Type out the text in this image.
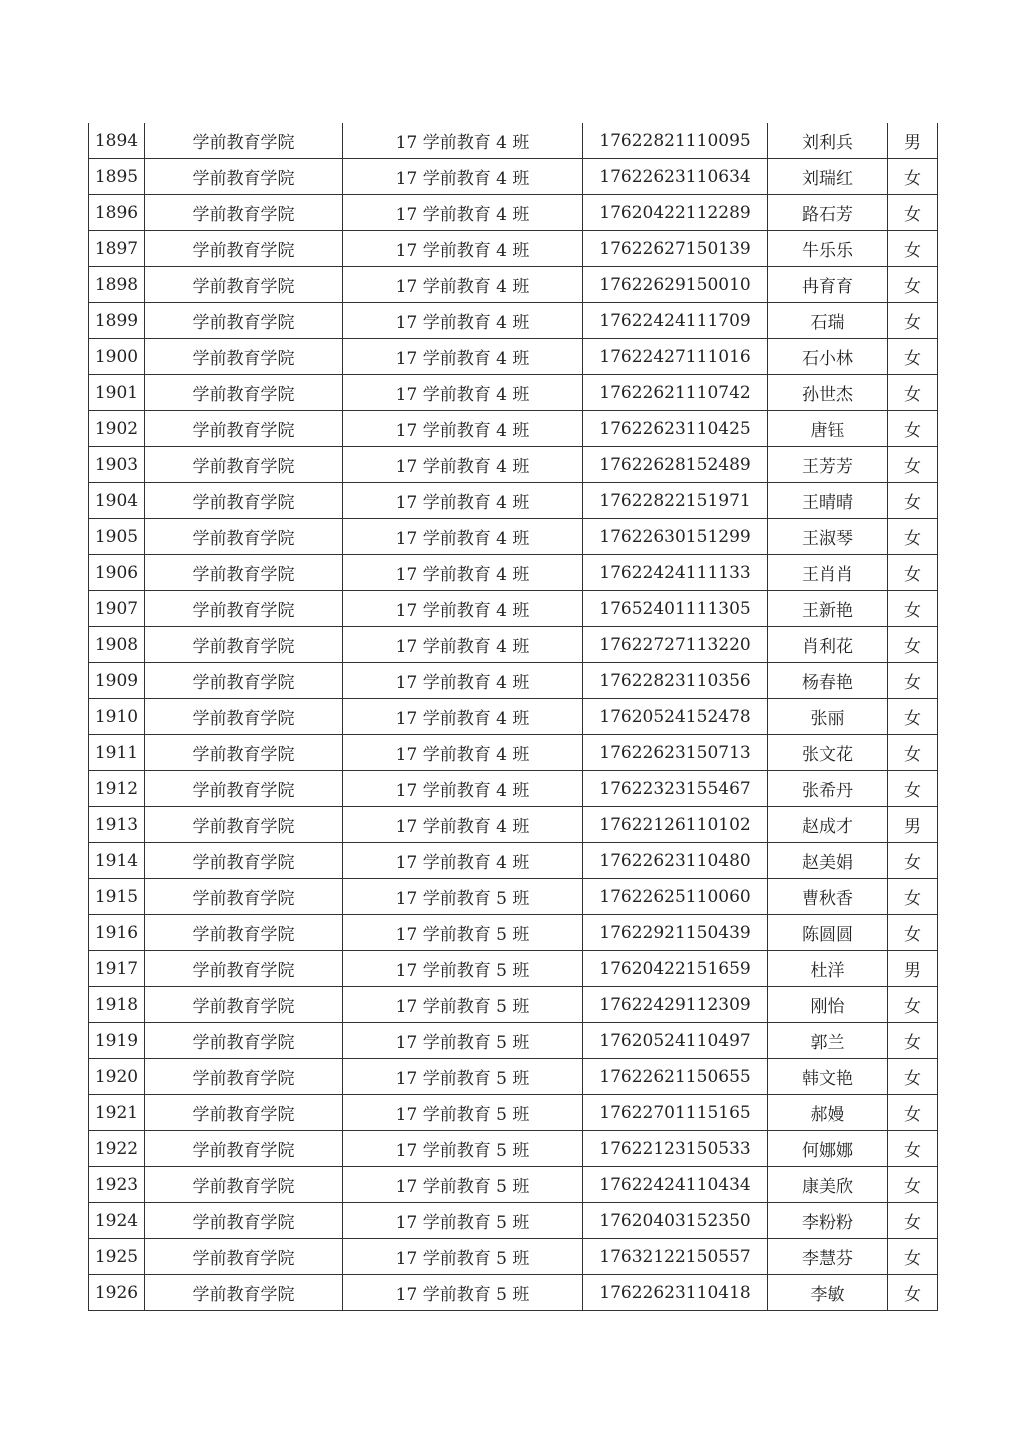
1894	学前教育学院	17 学前教育 4 班	17622821110095	刘利兵	男
1895	学前教育学院	17 学前教育 4 班	17622623110634	刘瑞红	女
1896	学前教育学院	17 学前教育 4 班	17620422112289	路石芳	女
1897	学前教育学院	17 学前教育 4 班	17622627150139	牛乐乐	女
1898	学前教育学院	17 学前教育 4 班	17622629150010	冉育育	女
1899	学前教育学院	17 学前教育 4 班	17622424111709	石瑞	女
1900	学前教育学院	17 学前教育 4 班	17622427111016	石小林	女
1901	学前教育学院	17 学前教育 4 班	17622621110742	孙世杰	女
1902	学前教育学院	17 学前教育 4 班	17622623110425	唐钰	女
1903	学前教育学院	17 学前教育 4 班	17622628152489	王芳芳	女
1904	学前教育学院	17 学前教育 4 班	17622822151971	王晴晴	女
1905	学前教育学院	17 学前教育 4 班	17622630151299	王淑琴	女
1906	学前教育学院	17 学前教育 4 班	17622424111133	王肖肖	女
1907	学前教育学院	17 学前教育 4 班	17652401111305	王新艳	女
1908	学前教育学院	17 学前教育 4 班	17622727113220	肖利花	女
1909	学前教育学院	17 学前教育 4 班	17622823110356	杨春艳	女
1910	学前教育学院	17 学前教育 4 班	17620524152478	张丽	女
1911	学前教育学院	17 学前教育 4 班	17622623150713	张文花	女
1912	学前教育学院	17 学前教育 4 班	17622323155467	张希丹	女
1913	学前教育学院	17 学前教育 4 班	17622126110102	赵成才	男
1914	学前教育学院	17 学前教育 4 班	17622623110480	赵美娟	女
1915	学前教育学院	17 学前教育 5 班	17622625110060	曹秋香	女
1916	学前教育学院	17 学前教育 5 班	17622921150439	陈圆圆	女
1917	学前教育学院	17 学前教育 5 班	17620422151659	杜洋	男
1918	学前教育学院	17 学前教育 5 班	17622429112309	刚怡	女
1919	学前教育学院	17 学前教育 5 班	17620524110497	郭兰	女
1920	学前教育学院	17 学前教育 5 班	17622621150655	韩文艳	女
1921	学前教育学院	17 学前教育 5 班	17622701115165	郝嫚	女
1922	学前教育学院	17 学前教育 5 班	17622123150533	何娜娜	女
1923	学前教育学院	17 学前教育 5 班	17622424110434	康美欣	女
1924	学前教育学院	17 学前教育 5 班	17620403152350	李粉粉	女
1925	学前教育学院	17 学前教育 5 班	17632122150557	李慧芬	女
1926	学前教育学院	17 学前教育 5 班	17622623110418	李敏	女
